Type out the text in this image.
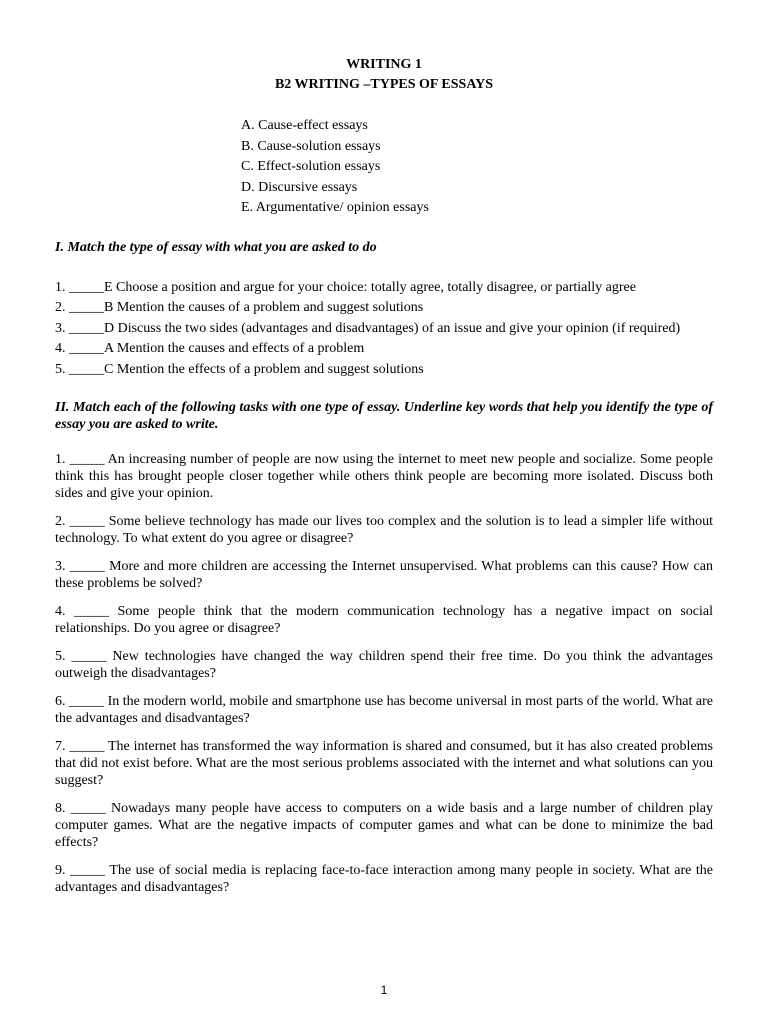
WRITING 1
B2 WRITING –TYPES OF ESSAYS
A. Cause-effect essays
B. Cause-solution essays
C. Effect-solution essays
D. Discursive essays
E. Argumentative/ opinion essays
I. Match the type of essay with what you are asked to do

1. _____E Choose a position and argue for your choice: totally agree, totally disagree, or partially agree

2. _____B Mention the causes of a problem and suggest solutions

3. _____D Discuss the two sides (advantages and disadvantages) of an issue and give your opinion (if required)

4. _____A Mention the causes and effects of a problem

5. _____C Mention the effects of a problem and suggest solutions

II. Match each of the following tasks with one type of essay. Underline key words that help you identify the type of essay you are asked to write.

1. _____ An increasing number of people are now using the internet to meet new people and socialize. Some people think this has brought people closer together while others think people are becoming more isolated. Discuss both sides and give your opinion.

2. _____ Some believe technology has made our lives too complex and the solution is to lead a simpler life without technology. To what extent do you agree or disagree?

3. _____ More and more children are accessing the Internet unsupervised. What problems can this cause? How can these problems be solved?

4. _____ Some people think that the modern communication technology has a negative impact on social relationships. Do you agree or disagree?

5. _____ New technologies have changed the way children spend their free time. Do you think the advantages outweigh the disadvantages?

6. _____ In the modern world, mobile and smartphone use has become universal in most parts of the world. What are the advantages and disadvantages?

7. _____ The internet has transformed the way information is shared and consumed, but it has also created problems that did not exist before. What are the most serious problems associated with the internet and what solutions can you suggest?

8. _____ Nowadays many people have access to computers on a wide basis and a large number of children play computer games. What are the negative impacts of computer games and what can be done to minimize the bad effects?

9. _____ The use of social media is replacing face-to-face interaction among many people in society. What are the advantages and disadvantages?

1
